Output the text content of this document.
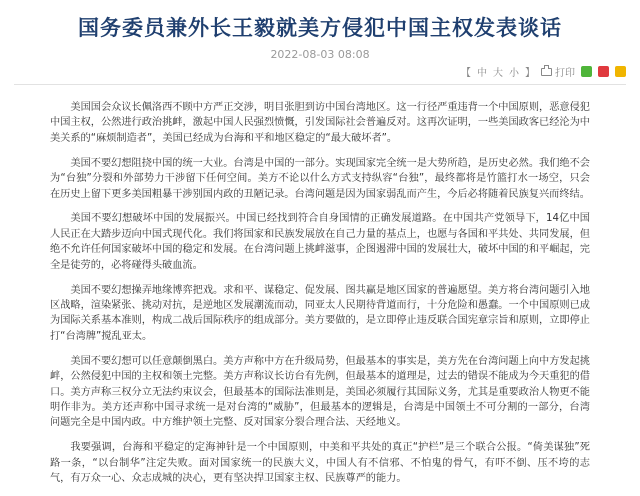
国务委员兼外长王毅就美方侵犯中国主权发表谈话
2022-08-03 08:08
【 中 大 小 】 打印

美国国会众议长佩洛西不顾中方严正交涉，明目张胆到访中国台湾地区。这一行径严重违背一个中国原则，恶意侵犯中国主权，公然进行政治挑衅，激起中国人民强烈愤慨，引发国际社会普遍反对。这再次证明，一些美国政客已经沦为中美关系的“麻烦制造者”，美国已经成为台海和平和地区稳定的“最大破坏者”。

美国不要幻想阻挠中国的统一大业。台湾是中国的一部分。实现国家完全统一是大势所趋，是历史必然。我们绝不会为“台独”分裂和外部势力干涉留下任何空间。美方不论以什么方式支持纵容“台独”，最终都将是竹篮打水一场空，只会在历史上留下更多美国粗暴干涉别国内政的丑陋记录。台湾问题是因为国家弱乱而产生，今后必将随着民族复兴而终结。

美国不要幻想破坏中国的发展振兴。中国已经找到符合自身国情的正确发展道路。在中国共产党领导下，14亿中国人民正在大踏步迈向中国式现代化。我们将国家和民族发展放在自己力量的基点上，也愿与各国和平共处、共同发展，但绝不允许任何国家破坏中国的稳定和发展。在台湾问题上挑衅滋事，企图遏滞中国的发展壮大，破坏中国的和平崛起，完全是徒劳的，必将碰得头破血流。

美国不要幻想操弄地缘博弈把戏。求和平、谋稳定、促发展、图共赢是地区国家的普遍愿望。美方将台湾问题引入地区战略，渲染紧张、挑动对抗，是逆地区发展潮流而动，同亚太人民期待背道而行，十分危险和愚蠢。一个中国原则已成为国际关系基本准则，构成二战后国际秩序的组成部分。美方要做的，是立即停止违反联合国宪章宗旨和原则，立即停止打“台湾牌”搅乱亚太。

美国不要幻想可以任意颠倒黑白。美方声称中方在升级局势，但最基本的事实是，美方先在台湾问题上向中方发起挑衅，公然侵犯中国的主权和领土完整。美方声称议长访台有先例，但最基本的道理是，过去的错误不能成为今天重犯的借口。美方声称三权分立无法约束议会，但最基本的国际法准则是，美国必须履行其国际义务，尤其是重要政治人物更不能明作非为。美方还声称中国寻求统一是对台湾的“威胁”，但最基本的逻辑是，台湾是中国领土不可分割的一部分，台湾问题完全是中国内政。中方维护领土完整、反对国家分裂合理合法、天经地义。

我要强调，台海和平稳定的定海神针是一个中国原则，中美和平共处的真正“护栏”是三个联合公报。“倚美谋独”死路一条，“以台制华”注定失败。面对国家统一的民族大义，中国人有不信邪、不怕鬼的骨气，有吓不倒、压不垮的志气，有万众一心、众志成城的决心，更有坚决捍卫国家主权、民族尊严的能力。
